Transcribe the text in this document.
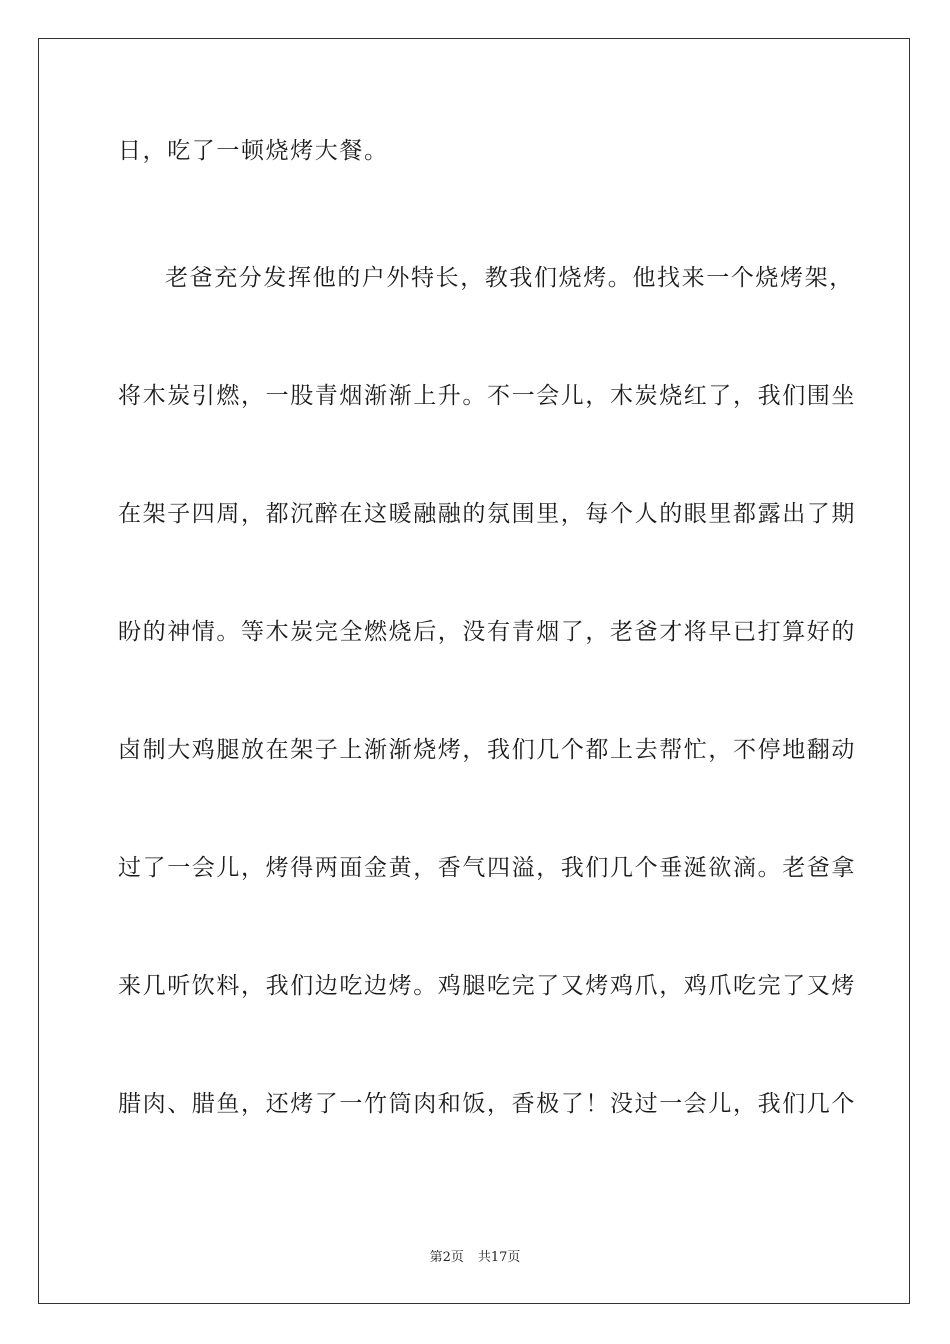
日，吃了一顿烧烤大餐。
老爸充分发挥他的户外特长，教我们烧烤。他找来一个烧烤架，
将木炭引燃，一股青烟渐渐上升。不一会儿，木炭烧红了，我们围坐
在架子四周，都沉醉在这暖融融的氛围里，每个人的眼里都露出了期
盼的神情。等木炭完全燃烧后，没有青烟了，老爸才将早已打算好的
卤制大鸡腿放在架子上渐渐烧烤，我们几个都上去帮忙，不停地翻动
过了一会儿，烤得两面金黄，香气四溢，我们几个垂涎欲滴。老爸拿
来几听饮料，我们边吃边烤。鸡腿吃完了又烤鸡爪，鸡爪吃完了又烤
腊肉、腊鱼，还烤了一竹筒肉和饭，香极了！没过一会儿，我们几个
第2页 共17页
